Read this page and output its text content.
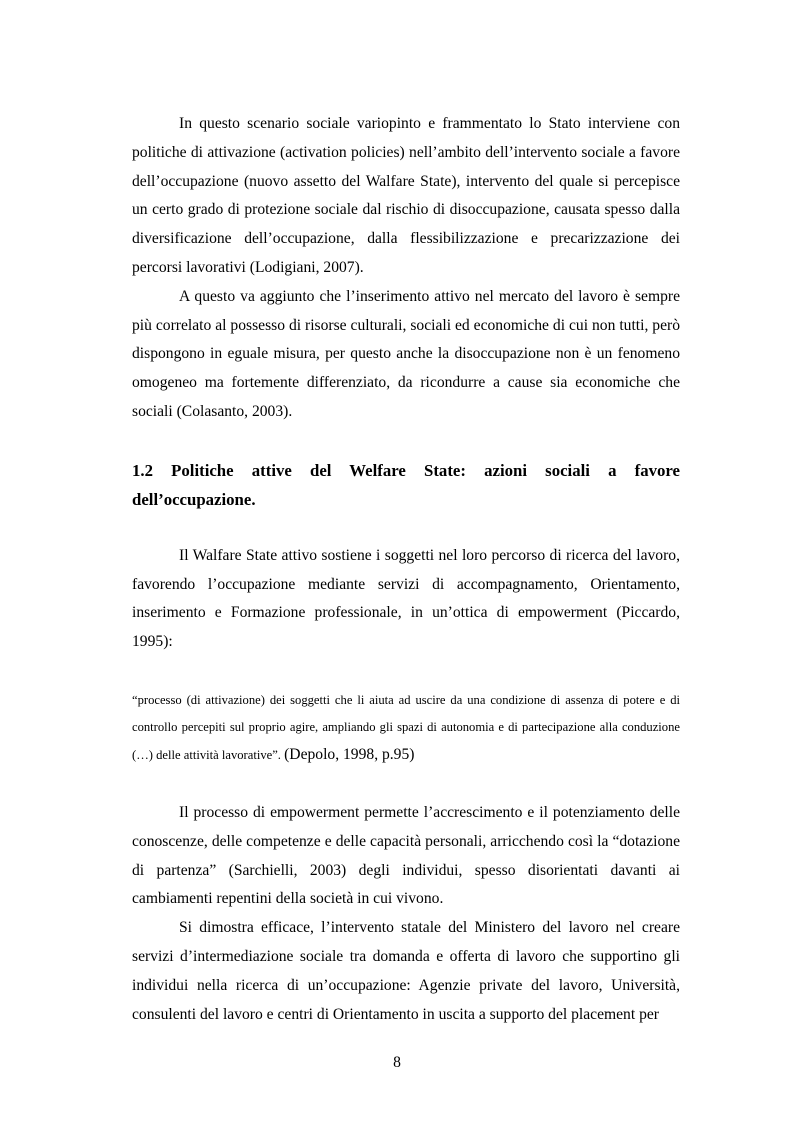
In questo scenario sociale variopinto e frammentato lo Stato interviene con politiche di attivazione (activation policies) nell’ambito dell’intervento sociale a favore dell’occupazione (nuovo assetto del Walfare State), intervento del quale si percepisce un certo grado di protezione sociale dal rischio di disoccupazione, causata spesso dalla diversificazione dell’occupazione, dalla flessibilizzazione e precarizzazione dei percorsi lavorativi (Lodigiani, 2007).

A questo va aggiunto che l’inserimento attivo nel mercato del lavoro è sempre più correlato al possesso di risorse culturali, sociali ed economiche di cui non tutti, però dispongono in eguale misura, per questo anche la disoccupazione non è un fenomeno omogeneo ma fortemente differenziato, da ricondurre a cause sia economiche che sociali (Colasanto, 2003).

1.2 Politiche attive del Welfare State: azioni sociali a favore dell’occupazione.

Il Walfare State attivo sostiene i soggetti nel loro percorso di ricerca del lavoro, favorendo l’occupazione mediante servizi di accompagnamento, Orientamento, inserimento e Formazione professionale, in un’ottica di empowerment (Piccardo, 1995):

“processo (di attivazione) dei soggetti che li aiuta ad uscire da una condizione di assenza di potere e di controllo percepiti sul proprio agire, ampliando gli spazi di autonomia e di partecipazione alla conduzione (…) delle attività lavorative”. (Depolo, 1998, p.95)

Il processo di empowerment permette l’accrescimento e il potenziamento delle conoscenze, delle competenze e delle capacità personali, arricchendo così la “dotazione di partenza” (Sarchielli, 2003) degli individui, spesso disorientati davanti ai cambiamenti repentini della società in cui vivono.

Si dimostra efficace, l’intervento statale del Ministero del lavoro nel creare servizi d’intermediazione sociale tra domanda e offerta di lavoro che supportino gli individui nella ricerca di un’occupazione: Agenzie private del lavoro, Università, consulenti del lavoro e centri di Orientamento in uscita a supporto del placement per

8
